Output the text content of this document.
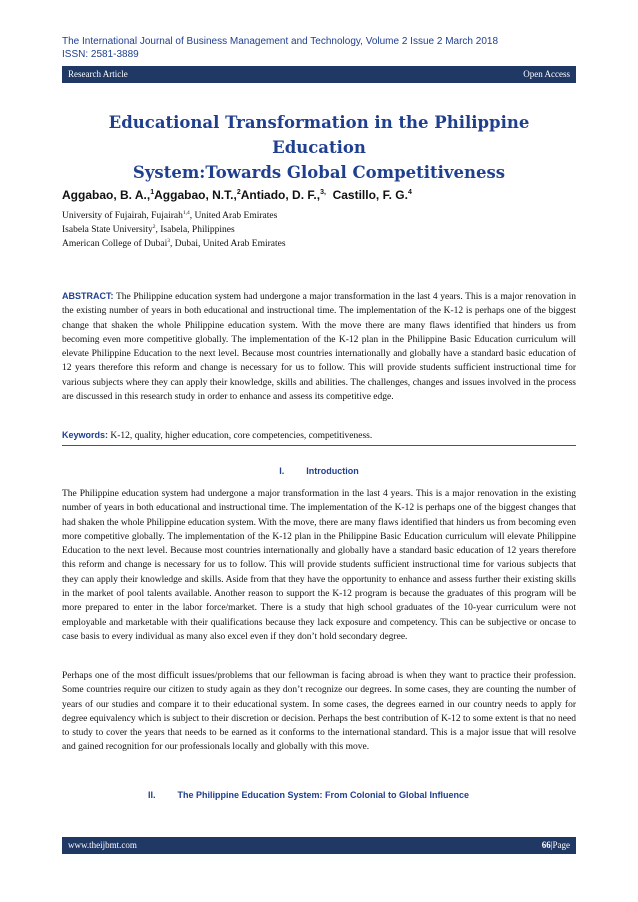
The International Journal of Business Management and Technology, Volume 2 Issue 2 March 2018
ISSN: 2581-3889
Research Article	Open Access
Educational Transformation in the Philippine Education
System:Towards Global Competitiveness
Aggabao, B. A.,$^1$Aggabao, N.T.,$^2$Antiado, D. F.,$^{3,}$ Castillo, F. G.$^4$
University of Fujairah, Fujairah$^{1,4}$, United Arab Emirates
Isabela State University$^2$, Isabela, Philippines
American College of Dubai$^3$, Dubai, United Arab Emirates

ABSTRACT: The Philippine education system had undergone a major transformation in the last 4 years. This is a major renovation in the existing number of years in both educational and instructional time. The implementation of the K-12 is perhaps one of the biggest change that shaken the whole Philippine education system. With the move there are many flaws identified that hinders us from becoming even more competitive globally. The implementation of the K-12 plan in the Philippine Basic Education curriculum will elevate Philippine Education to the next level. Because most countries internationally and globally have a standard basic education of 12 years therefore this reform and change is necessary for us to follow. This will provide students sufficient instructional time for various subjects where they can apply their knowledge, skills and abilities. The challenges, changes and issues involved in the process are discussed in this research study in order to enhance and assess its competitive edge.

Keywords: K-12, quality, higher education, core competencies, competitiveness.

I. Introduction

The Philippine education system had undergone a major transformation in the last 4 years. This is a major renovation in the existing number of years in both educational and instructional time. The implementation of the K-12 is perhaps one of the biggest changes that had shaken the whole Philippine education system. With the move, there are many flaws identified that hinders us from becoming even more competitive globally. The implementation of the K-12 plan in the Philippine Basic Education curriculum will elevate Philippine Education to the next level. Because most countries internationally and globally have a standard basic education of 12 years therefore this reform and change is necessary for us to follow. This will provide students sufficient instructional time for various subjects that they can apply their knowledge and skills. Aside from that they have the opportunity to enhance and assess further their existing skills in the market of pool talents available. Another reason to support the K-12 program is because the graduates of this program will be more prepared to enter in the labor force/market. There is a study that high school graduates of the 10-year curriculum were not employable and marketable with their qualifications because they lack exposure and competency. This can be subjective or oncase to case basis to every individual as many also excel even if they don’t hold secondary degree.

Perhaps one of the most difficult issues/problems that our fellowman is facing abroad is when they want to practice their profession. Some countries require our citizen to study again as they don’t recognize our degrees. In some cases, they are counting the number of years of our studies and compare it to their educational system. In some cases, the degrees earned in our country needs to apply for degree equivalency which is subject to their discretion or decision. Perhaps the best contribution of K-12 to some extent is that no need to study to cover the years that needs to be earned as it conforms to the international standard. This is a major issue that will resolve and gained recognition for our professionals locally and globally with this move.

II. The Philippine Education System: From Colonial to Global Influence
www.theijbmt.com	66|Page
